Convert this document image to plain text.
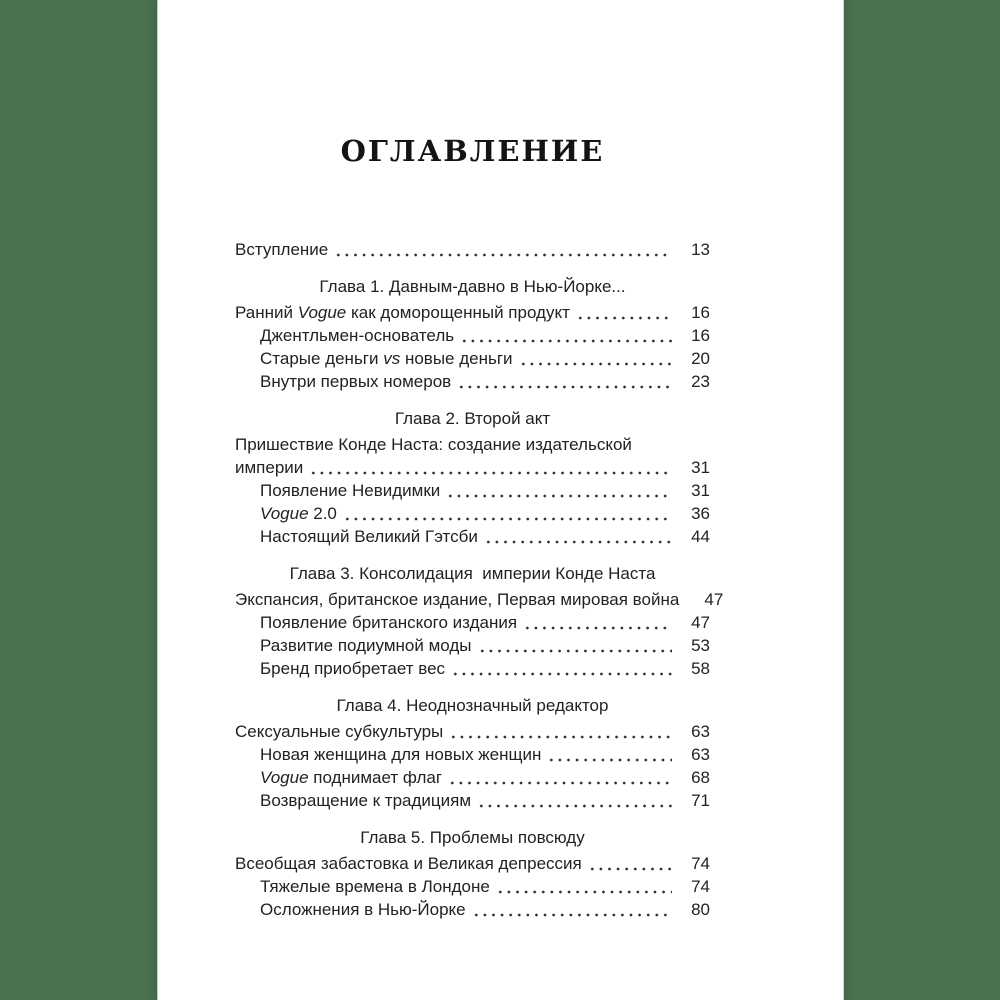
ОГЛАВЛЕНИЕ
Вступление	13
Глава 1. Давным-давно в Нью-Йорке...
Ранний Vogue как доморощенный продукт	16
Джентльмен-основатель	16
Старые деньги vs новые деньги	20
Внутри первых номеров	23
Глава 2. Второй акт
Пришествие Конде Наста: создание издательской
империи	31
Появление Невидимки	31
Vogue 2.0	36
Настоящий Великий Гэтсби	44
Глава 3. Консолидация  империи Конде Наста
Экспансия, британское издание, Первая мировая война	47
Появление британского издания	47
Развитие подиумной моды	53
Бренд приобретает вес	58
Глава 4. Неоднозначный редактор
Сексуальные субкультуры	63
Новая женщина для новых женщин	63
Vogue поднимает флаг	68
Возвращение к традициям	71
Глава 5. Проблемы повсюду
Всеобщая забастовка и Великая депрессия	74
Тяжелые времена в Лондоне	74
Осложнения в Нью-Йорке	80
